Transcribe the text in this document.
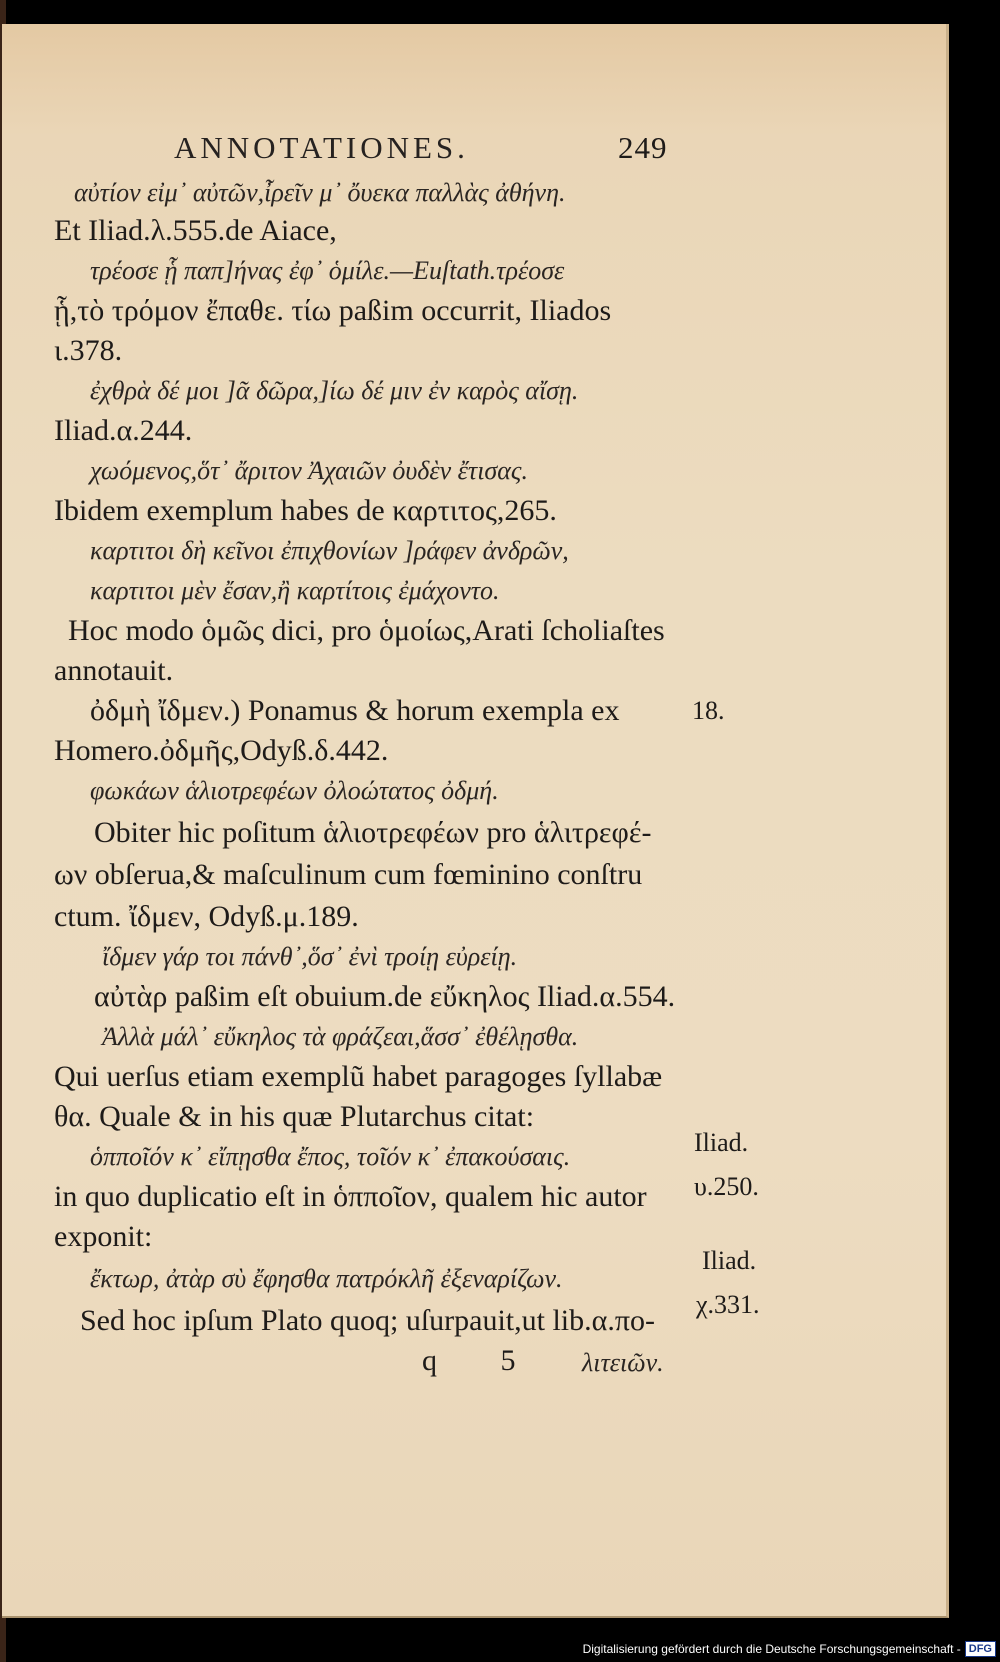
ANNOTATIONES.	249
αὐτίον εἰμ᾽ αὐτῶν,ἶρεῖν μ᾽ ὄυεκα παλλὰς ἀθήνη.
Et Iliad.λ.555.de Aiace,
τρέοσε ᾗ παπ]ήνας ἐφ᾽ ὁμίλε.—Euſtath.τρέοσε
ᾗ,τὸ τρόμον ἔπαθε. τίω paßim occurrit, Iliados
ι.378.
ἐχθρὰ δέ μοι ]ᾶ δῶρα,]ίω δέ μιν ἐν καρὸς αἴσῃ.
Iliad.α.244.
χωόμενος,ὅτ᾽ ἄριτον Ἀχαιῶν ὀυδὲν ἔτισας.
Ibidem exemplum habes de καρτιτος,265.
καρτιτοι δὴ κεῖνοι ἐπιχθονίων ]ράφεν ἀνδρῶν,
καρτιτοι μὲν ἔσαν,ἢ καρτίτοις ἐμάχοντο.
Hoc modo ὁμῶς dici, pro ὁμοίως,Arati ſcholiaſtes
annotauit.
ὀδμὴ ἴδμεν.) Ponamus & horum exempla ex
Homero.ὀδμῆς,Odyß.δ.442.
φωκάων ἁλιοτρεφέων ὀλοώτατος ὀδμή.
Obiter hic poſitum ἁλιοτρεφέων pro ἁλιτρεφέ-
ων obſerua,& maſculinum cum fœminino conſtru
ctum. ἴδμεν, Odyß.μ.189.
ἴδμεν γάρ τοι πάνθ᾽,ὅσ᾽ ἐνὶ τροίῃ εὐρείῃ.
αὐτὰρ paßim eſt obuium.de εὔκηλος Iliad.α.554.
Ἀλλὰ μάλ᾽ εὔκηλος τὰ φράζεαι,ἅσσ᾽ ἐθέλῃσθα.
Qui uerſus etiam exemplũ habet paragoges ſyllabæ
θα. Quale & in his quæ Plutarchus citat:
ὁπποῖόν κ᾽ εἴπῃσθα ἔπος, τοῖόν κ᾽ ἐπακούσαις.
in quo duplicatio eſt in ὁπποῖον, qualem hic autor
exponit:
ἔκτωρ, ἀτὰρ σὺ ἔφησθα πατρόκλῆ ἐξεναρίζων.
Sed hoc ipſum Plato quoq; uſurpauit,ut lib.α.πο-
18.
Iliad.
υ.250.
Iliad.
χ.331.
q 5 λιτειῶν.
Digitalisierung gefördert durch die Deutsche Forschungsgemeinschaft - DFG
